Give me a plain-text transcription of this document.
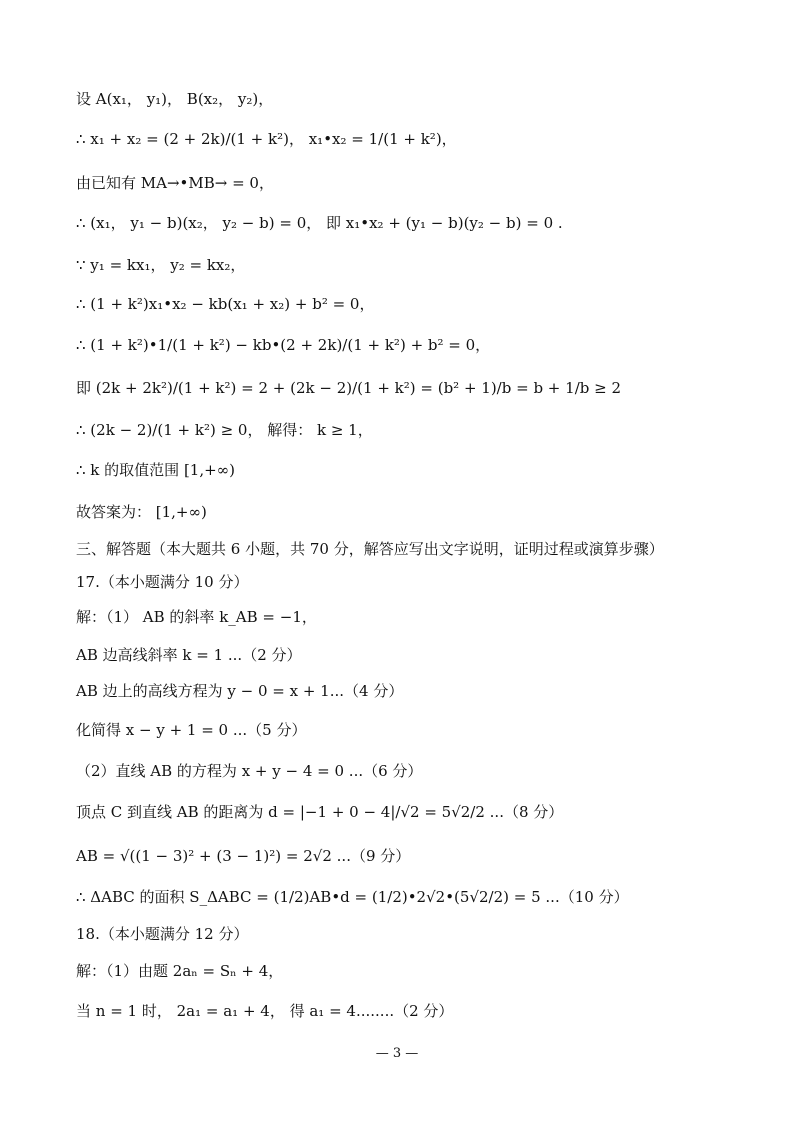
设 A(x₁， y₁)， B(x₂， y₂)，
∴ x₁ + x₂ = (2 + 2k)/(1 + k²)， x₁•x₂ = 1/(1 + k²)，
由已知有 MA→•MB→ = 0，
∴ (x₁， y₁ − b)(x₂， y₂ − b) = 0， 即 x₁•x₂ + (y₁ − b)(y₂ − b) = 0 .
∵ y₁ = kx₁， y₂ = kx₂，
∴ (1 + k²)x₁•x₂ − kb(x₁ + x₂) + b² = 0，
∴ (1 + k²)•1/(1 + k²) − kb•(2 + 2k)/(1 + k²) + b² = 0，
即 (2k + 2k²)/(1 + k²) = 2 + (2k − 2)/(1 + k²) = (b² + 1)/b = b + 1/b ≥ 2
∴ (2k − 2)/(1 + k²) ≥ 0， 解得： k ≥ 1，
∴ k 的取值范围 [1,+∞)
故答案为： [1,+∞)
三、解答题（本大题共 6 小题，共 70 分，解答应写出文字说明，证明过程或演算步骤）
17.（本小题满分 10 分）
解：（1） AB 的斜率 k_AB = −1，
AB 边高线斜率 k = 1 ...（2 分）
AB 边上的高线方程为 y − 0 = x + 1...（4 分）
化简得 x − y + 1 = 0 ...（5 分）
（2）直线 AB 的方程为 x + y − 4 = 0 ...（6 分）
顶点 C 到直线 AB 的距离为 d = |−1 + 0 − 4|/√2 = 5√2/2 ...（8 分）
AB = √((1 − 3)² + (3 − 1)²) = 2√2 ...（9 分）
∴ ΔABC 的面积 S_ΔABC = (1/2)AB•d = (1/2)•2√2•(5√2/2) = 5 ...（10 分）
18.（本小题满分 12 分）
解：（1）由题 2aₙ = Sₙ + 4，
当 n = 1 时， 2a₁ = a₁ + 4， 得 a₁ = 4........（2 分）
— 3 —
